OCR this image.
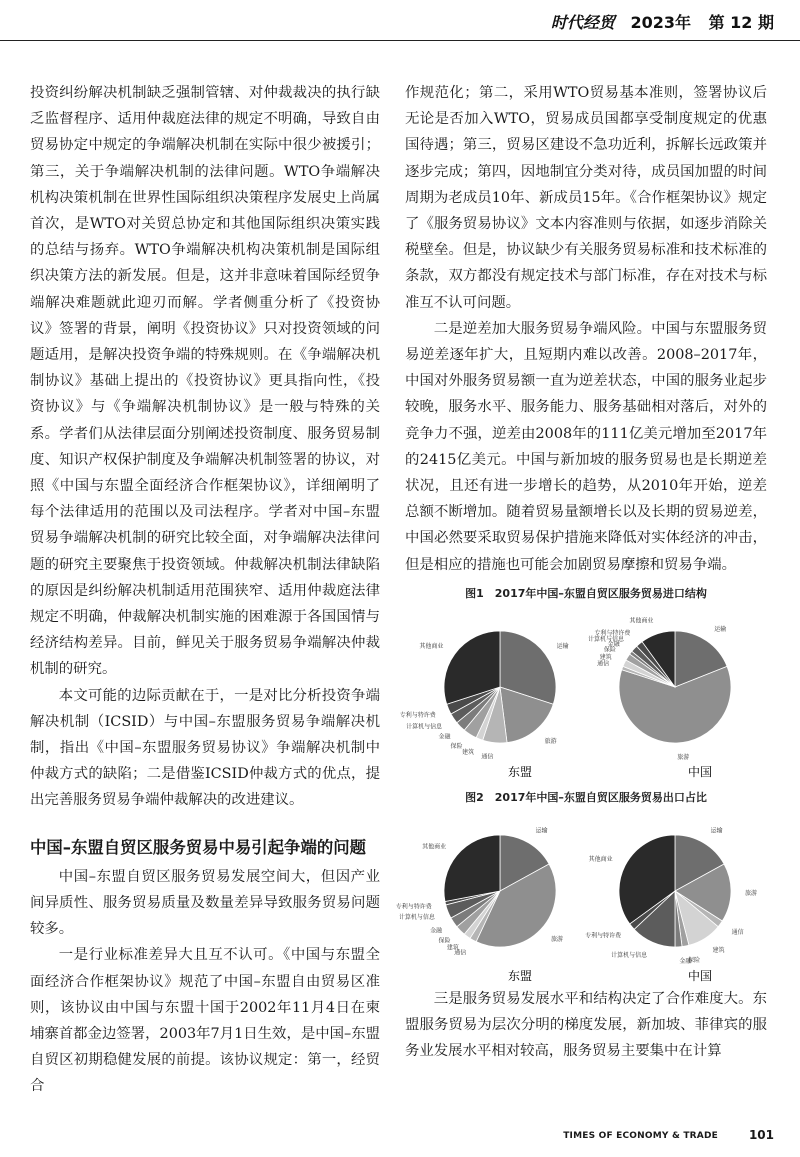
时代经贸 2023年 第 12 期

投资纠纷解决机制缺乏强制管辖、对仲裁裁决的执行缺乏监督程序、适用仲裁庭法律的规定不明确，导致自由贸易协定中规定的争端解决机制在实际中很少被援引；第三，关于争端解决机制的法律问题。WTO争端解决机构决策机制在世界性国际组织决策程序发展史上尚属首次，是WTO对关贸总协定和其他国际组织决策实践的总结与扬弃。WTO争端解决机构决策机制是国际组织决策方法的新发展。但是，这并非意味着国际经贸争端解决难题就此迎刃而解。学者侧重分析了《投资协议》签署的背景，阐明《投资协议》只对投资领域的问题适用，是解决投资争端的特殊规则。在《争端解决机制协议》基础上提出的《投资协议》更具指向性，《投资协议》与《争端解决机制协议》是一般与特殊的关系。学者们从法律层面分别阐述投资制度、服务贸易制度、知识产权保护制度及争端解决机制签署的协议，对照《中国与东盟全面经济合作框架协议》，详细阐明了每个法律适用的范围以及司法程序。学者对中国–东盟贸易争端解决机制的研究比较全面，对争端解决法律问题的研究主要聚焦于投资领域。仲裁解决机制法律缺陷的原因是纠纷解决机制适用范围狭窄、适用仲裁庭法律规定不明确，仲裁解决机制实施的困难源于各国国情与经济结构差异。目前，鲜见关于服务贸易争端解决仲裁机制的研究。

本文可能的边际贡献在于，一是对比分析投资争端解决机制（ICSID）与中国–东盟服务贸易争端解决机制，指出《中国–东盟服务贸易协议》争端解决机制中仲裁方式的缺陷；二是借鉴ICSID仲裁方式的优点，提出完善服务贸易争端仲裁解决的改进建议。

中国–东盟自贸区服务贸易中易引起争端的问题

中国–东盟自贸区服务贸易发展空间大，但因产业间异质性、服务贸易质量及数量差异导致服务贸易问题较多。

一是行业标准差异大且互不认可。《中国与东盟全面经济合作框架协议》规范了中国–东盟自由贸易区准则，该协议由中国与东盟十国于2002年11月4日在柬埔寨首都金边签署，2003年7月1日生效，是中国–东盟自贸区初期稳健发展的前提。该协议规定：第一，经贸合

作规范化；第二，采用WTO贸易基本准则，签署协议后无论是否加入WTO，贸易成员国都享受制度规定的优惠国待遇；第三，贸易区建设不急功近利，拆解长远政策并逐步完成；第四，因地制宜分类对待，成员国加盟的时间周期为老成员10年、新成员15年。《合作框架协议》规定了《服务贸易协议》文本内容准则与依据，如逐步消除关税壁垒。但是，协议缺少有关服务贸易标准和技术标准的条款，双方都没有规定技术与部门标准，存在对技术与标准互不认可问题。

二是逆差加大服务贸易争端风险。中国与东盟服务贸易逆差逐年扩大，且短期内难以改善。2008–2017年，中国对外服务贸易额一直为逆差状态，中国的服务业起步较晚，服务水平、服务能力、服务基础相对落后，对外的竞争力不强，逆差由2008年的111亿美元增加至2017年的2415亿美元。中国与新加坡的服务贸易也是长期逆差状况，且还有进一步增长的趋势，从2010年开始，逆差总额不断增加。随着贸易量额增长以及长期的贸易逆差，中国必然要采取贸易保护措施来降低对实体经济的冲击，但是相应的措施也可能会加剧贸易摩擦和贸易争端。

图1　2017年中国–东盟自贸区服务贸易进口结构
运输
旅游
通信
建筑
保险
金融
计算机与信息
专利与特许费
其他商业
运输
旅游
通信
建筑
保险
金融
计算机与信息
专利与特许费
其他商业
东盟	中国
图2　2017年中国–东盟自贸区服务贸易出口占比
运输
旅游
通信
建筑
保险
金融
计算机与信息
专利与特许费
其他商业
运输
旅游
通信
建筑
保险
金融
计算机与信息
专利与特许费
其他商业
东盟	中国

三是服务贸易发展水平和结构决定了合作难度大。东盟服务贸易为层次分明的梯度发展，新加坡、菲律宾的服务业发展水平相对较高，服务贸易主要集中在计算

TIMES OF ECONOMY & TRADE	101
